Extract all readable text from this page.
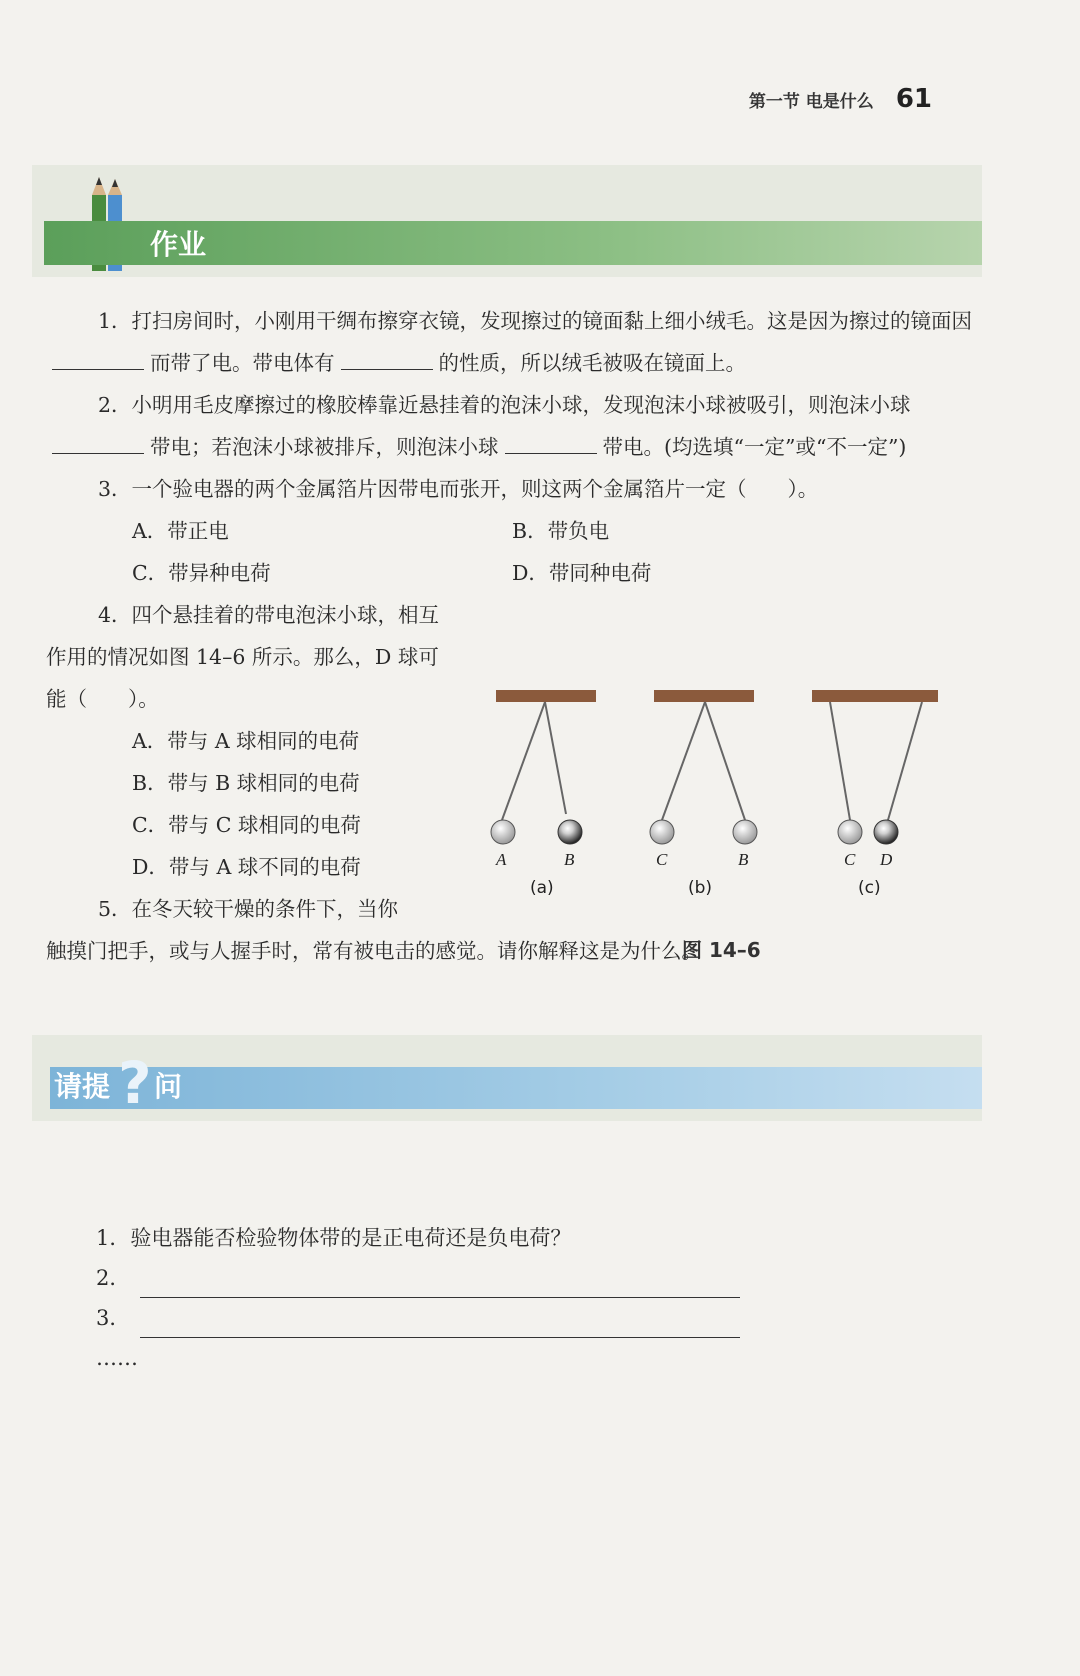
第一节 电是什么 61
作业

1．打扫房间时，小刚用干绸布擦穿衣镜，发现擦过的镜面黏上细小绒毛。这是因为擦过的镜面因而带了电。带电体有	的性质，所以绒毛被吸在镜面上。

2．小明用毛皮摩擦过的橡胶棒靠近悬挂着的泡沫小球，发现泡沫小球被吸引，则泡沫小球带电；若泡沫小球被排斥，则泡沫小球	带电。(均选填“一定”或“不一定”)

3．一个验电器的两个金属箔片因带电而张开，则这两个金属箔片一定（　　）。

A．带正电	B．带负电
C．带异种电荷	D．带同种电荷

4．四个悬挂着的带电泡沫小球，相互作用的情况如图 14–6 所示。那么，D 球可能（　　）。

A．带与 A 球相同的电荷
B．带与 B 球相同的电荷
C．带与 C 球相同的电荷
D．带与 A 球不同的电荷

5．在冬天较干燥的条件下，当你

触摸门把手，或与人握手时，常有被电击的感觉。请你解释这是为什么。

A	B	C	B	C D
(a)	(b)	(c)
图 14–6
请提 ? 问
1．验电器能否检验物体带的是正电荷还是负电荷？
2．
3．
……
